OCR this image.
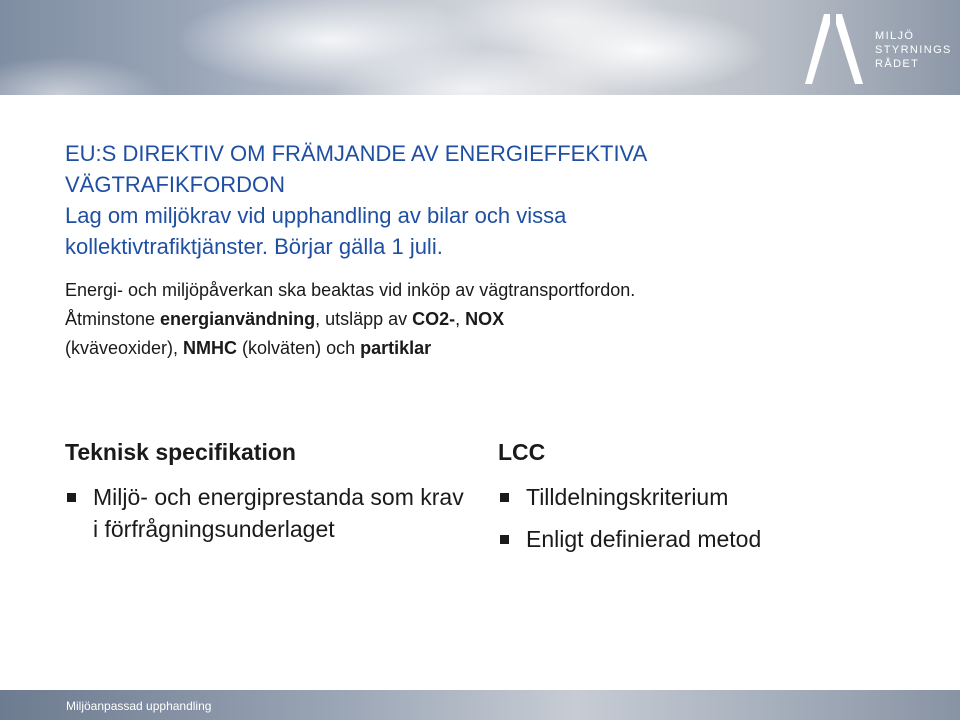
MILJÖ
STYRNINGS
RÅDET
EU:S DIREKTIV OM FRÄMJANDE AV ENERGIEFFEKTIVA
VÄGTRAFIKFORDON
Lag om miljökrav vid upphandling av bilar och vissa
kollektivtrafiktjänster. Börjar gälla 1 juli.

Energi- och miljöpåverkan ska beaktas vid inköp av vägtransportfordon.

Åtminstone energianvändning, utsläpp av CO2-, NOX

(kväveoxider), NMHC (kolväten) och partiklar

Teknisk specifikation
Miljö- och energiprestanda som krav i förfrågningsunderlaget
LCC
Tilldelningskriterium
Enligt definierad metod
Miljöanpassad upphandling
